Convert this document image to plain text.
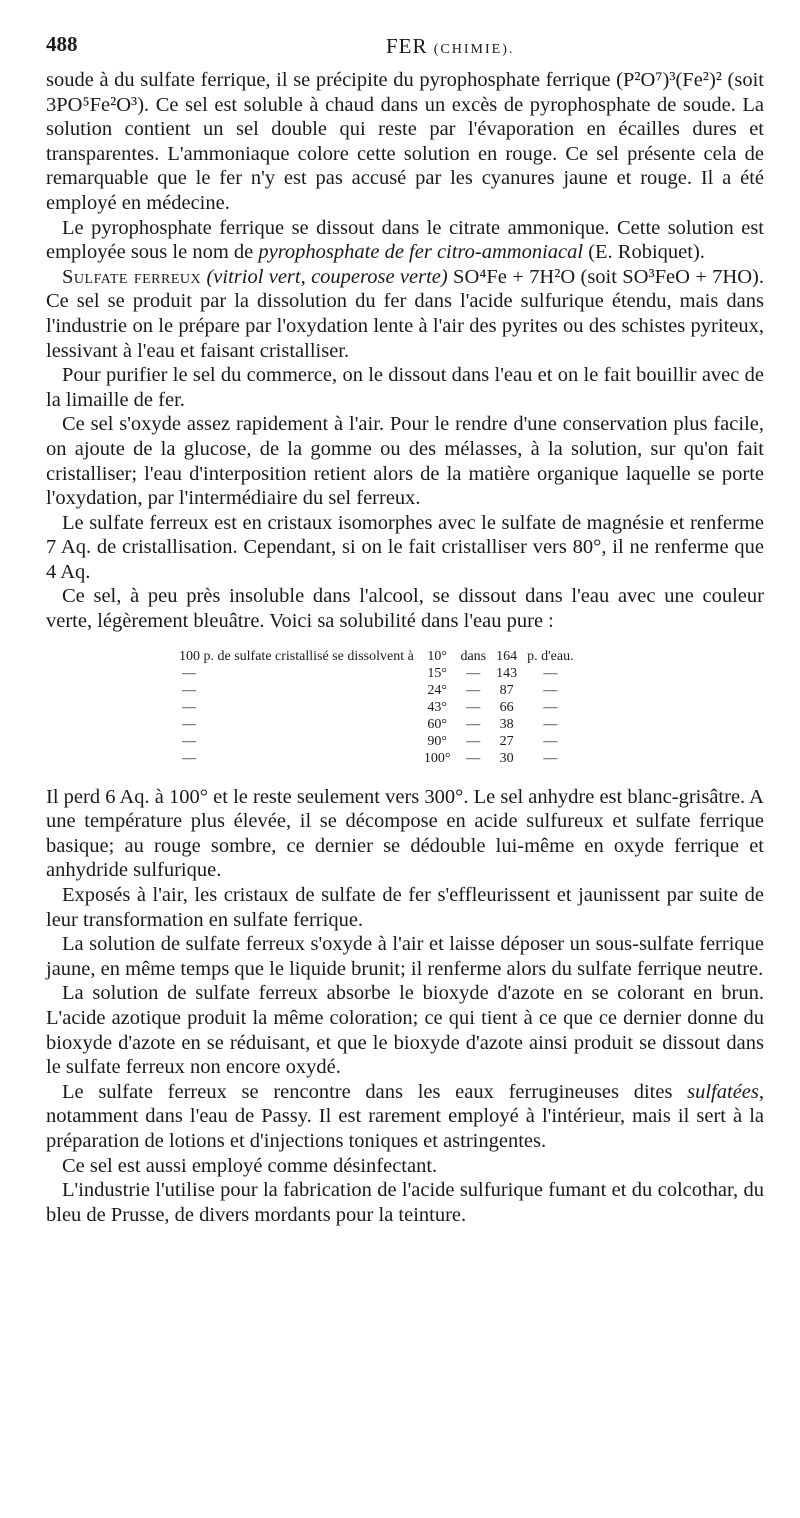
488	FER (CHIMIE).

soude à du sulfate ferrique, il se précipite du pyrophosphate ferrique (P²O⁷)³(Fe²)² (soit 3PO⁵Fe²O³). Ce sel est soluble à chaud dans un excès de pyrophosphate de soude. La solution contient un sel double qui reste par l'évaporation en écailles dures et transparentes. L'ammoniaque colore cette solution en rouge. Ce sel présente cela de remarquable que le fer n'y est pas accusé par les cyanures jaune et rouge. Il a été employé en médecine.

Le pyrophosphate ferrique se dissout dans le citrate ammonique. Cette solution est employée sous le nom de pyrophosphate de fer citro-ammoniacal (E. Robiquet).

Sulfate ferreux (vitriol vert, couperose verte) SO⁴Fe + 7H²O (soit SO³FeO + 7HO). Ce sel se produit par la dissolution du fer dans l'acide sulfurique étendu, mais dans l'industrie on le prépare par l'oxydation lente à l'air des pyrites ou des schistes pyriteux, lessivant à l'eau et faisant cristalliser.

Pour purifier le sel du commerce, on le dissout dans l'eau et on le fait bouillir avec de la limaille de fer.

Ce sel s'oxyde assez rapidement à l'air. Pour le rendre d'une conservation plus facile, on ajoute de la glucose, de la gomme ou des mélasses, à la solution, sur qu'on fait cristalliser; l'eau d'interposition retient alors de la matière organique laquelle se porte l'oxydation, par l'intermédiaire du sel ferreux.

Le sulfate ferreux est en cristaux isomorphes avec le sulfate de magnésie et renferme 7 Aq. de cristallisation. Cependant, si on le fait cristalliser vers 80°, il ne renferme que 4 Aq.

Ce sel, à peu près insoluble dans l'alcool, se dissout dans l'eau avec une couleur verte, légèrement bleuâtre. Voici sa solubilité dans l'eau pure :

100 p. de sulfate cristallisé se dissolvent à	10°	dans	164	p. d'eau.
—	15°	—	143	—
—	24°	—	87	—
—	43°	—	66	—
—	60°	—	38	—
—	90°	—	27	—
—	100°	—	30	—

Il perd 6 Aq. à 100° et le reste seulement vers 300°. Le sel anhydre est blanc-grisâtre. A une température plus élevée, il se décompose en acide sulfureux et sulfate ferrique basique; au rouge sombre, ce dernier se dédouble lui-même en oxyde ferrique et anhydride sulfurique.

Exposés à l'air, les cristaux de sulfate de fer s'effleurissent et jaunissent par suite de leur transformation en sulfate ferrique.

La solution de sulfate ferreux s'oxyde à l'air et laisse déposer un sous-sulfate ferrique jaune, en même temps que le liquide brunit; il renferme alors du sulfate ferrique neutre.

La solution de sulfate ferreux absorbe le bioxyde d'azote en se colorant en brun. L'acide azotique produit la même coloration; ce qui tient à ce que ce dernier donne du bioxyde d'azote en se réduisant, et que le bioxyde d'azote ainsi produit se dissout dans le sulfate ferreux non encore oxydé.

Le sulfate ferreux se rencontre dans les eaux ferrugineuses dites sulfatées, notamment dans l'eau de Passy. Il est rarement employé à l'intérieur, mais il sert à la préparation de lotions et d'injections toniques et astringentes.

Ce sel est aussi employé comme désinfectant.

L'industrie l'utilise pour la fabrication de l'acide sulfurique fumant et du colcothar, du bleu de Prusse, de divers mordants pour la teinture.
